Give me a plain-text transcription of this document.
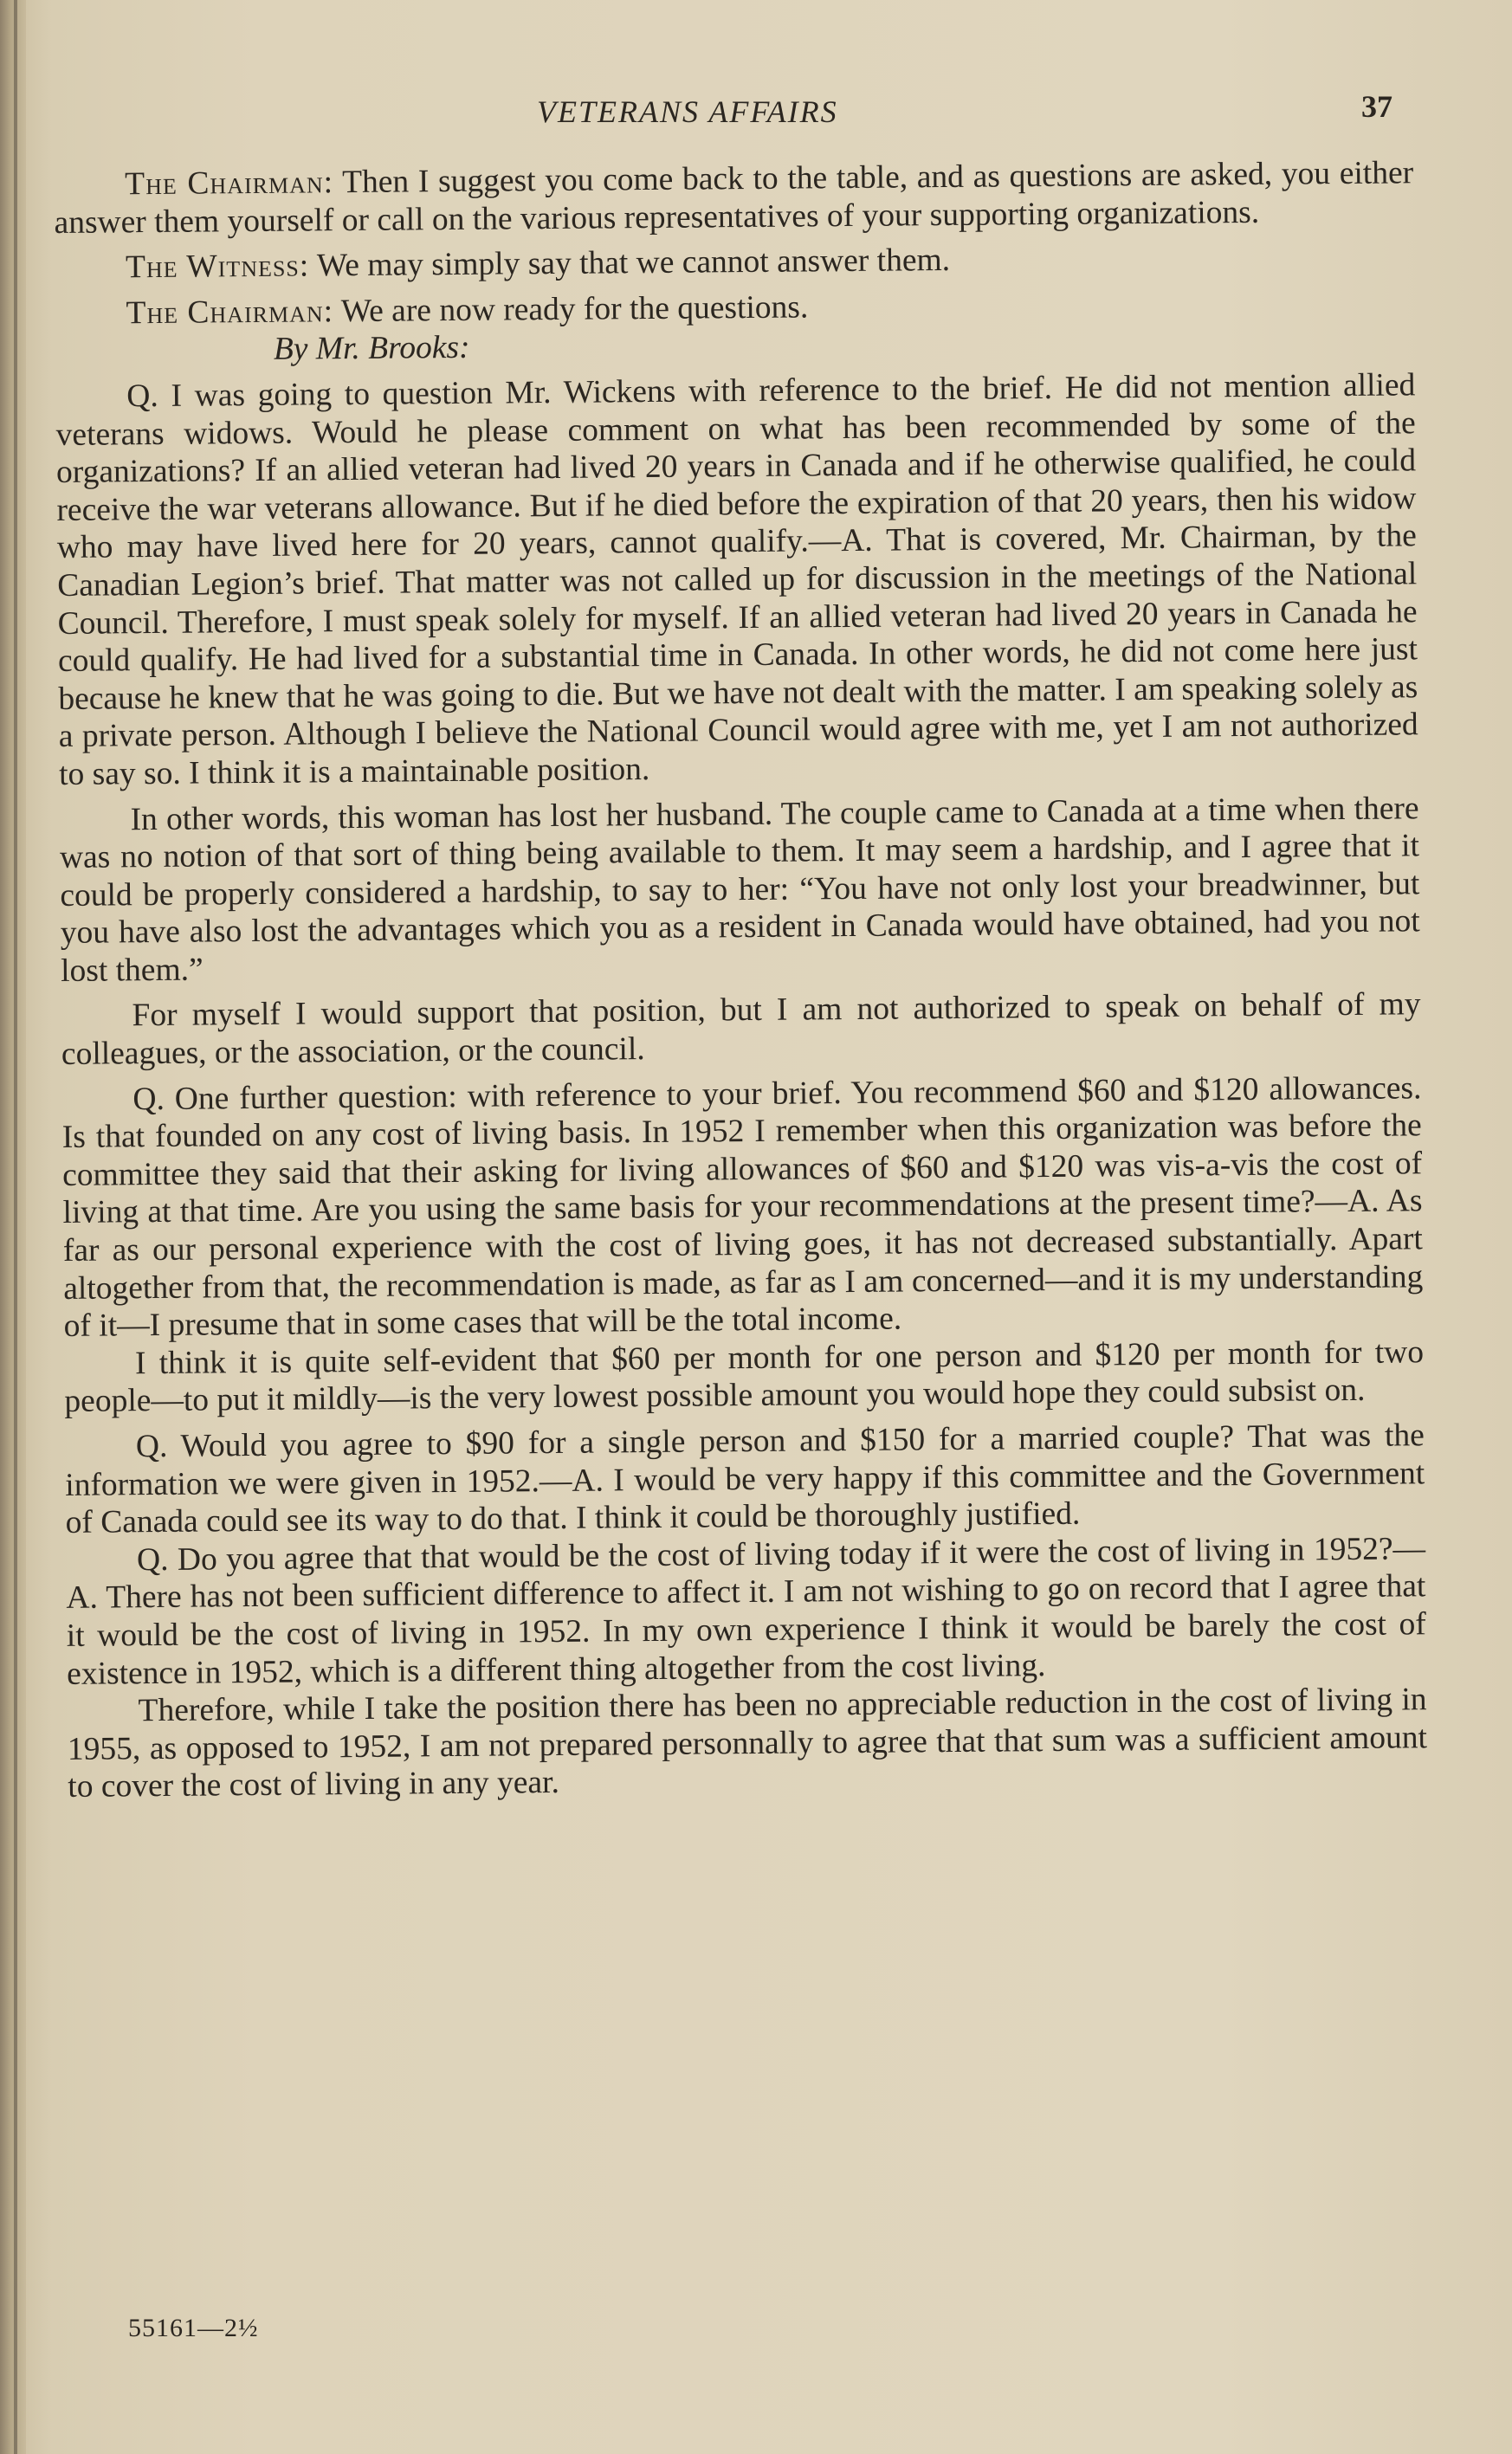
VETERANS AFFAIRS	37

The Chairman: Then I suggest you come back to the table, and as questions are asked, you either answer them yourself or call on the various representatives of your supporting organizations.

The Witness: We may simply say that we cannot answer them.

The Chairman: We are now ready for the questions.

By Mr. Brooks:

Q. I was going to question Mr. Wickens with reference to the brief. He did not mention allied veterans widows. Would he please comment on what has been recommended by some of the organizations? If an allied veteran had lived 20 years in Canada and if he otherwise qualified, he could receive the war veterans allowance. But if he died before the expiration of that 20 years, then his widow who may have lived here for 20 years, cannot qualify.—A. That is covered, Mr. Chairman, by the Canadian Legion’s brief. That matter was not called up for discussion in the meetings of the National Council. Therefore, I must speak solely for myself. If an allied veteran had lived 20 years in Canada he could qualify. He had lived for a substantial time in Canada. In other words, he did not come here just because he knew that he was going to die. But we have not dealt with the matter. I am speaking solely as a private person. Although I believe the National Council would agree with me, yet I am not authorized to say so. I think it is a maintainable position.

In other words, this woman has lost her husband. The couple came to Canada at a time when there was no notion of that sort of thing being available to them. It may seem a hardship, and I agree that it could be properly considered a hardship, to say to her: “You have not only lost your breadwinner, but you have also lost the advantages which you as a resident in Canada would have obtained, had you not lost them.”

For myself I would support that position, but I am not authorized to speak on behalf of my colleagues, or the association, or the council.

Q. One further question: with reference to your brief. You recommend $60 and $120 allowances. Is that founded on any cost of living basis. In 1952 I remember when this organization was before the committee they said that their asking for living allowances of $60 and $120 was vis-a-vis the cost of living at that time. Are you using the same basis for your recommendations at the present time?—A. As far as our personal experience with the cost of living goes, it has not decreased substantially. Apart altogether from that, the recommendation is made, as far as I am concerned—and it is my understanding of it—I presume that in some cases that will be the total income.

I think it is quite self-evident that $60 per month for one person and $120 per month for two people—to put it mildly—is the very lowest possible amount you would hope they could subsist on.

Q. Would you agree to $90 for a single person and $150 for a married couple? That was the information we were given in 1952.—A. I would be very happy if this committee and the Government of Canada could see its way to do that. I think it could be thoroughly justified.

Q. Do you agree that that would be the cost of living today if it were the cost of living in 1952?—A. There has not been sufficient difference to affect it. I am not wishing to go on record that I agree that it would be the cost of living in 1952. In my own experience I think it would be barely the cost of existence in 1952, which is a different thing altogether from the cost living.

Therefore, while I take the position there has been no appreciable reduction in the cost of living in 1955, as opposed to 1952, I am not prepared personnally to agree that that sum was a sufficient amount to cover the cost of living in any year.

55161—2½
